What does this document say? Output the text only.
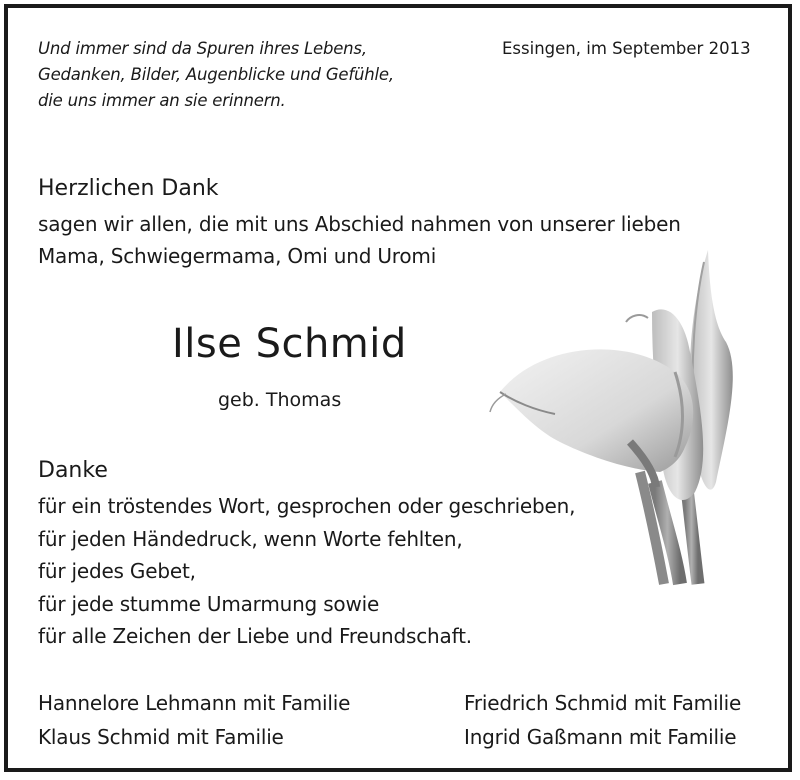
Und immer sind da Spuren ihres Lebens,
Gedanken, Bilder, Augenblicke und Gefühle,
die uns immer an sie erinnern.
Essingen, im September 2013
Herzlichen Dank
sagen wir allen, die mit uns Abschied nahmen von unserer lieben
Mama, Schwiegermama, Omi und Uromi
Ilse Schmid
geb. Thomas
Danke
für ein tröstendes Wort, gesprochen oder geschrieben,
für jeden Händedruck, wenn Worte fehlten,
für jedes Gebet,
für jede stumme Umarmung sowie
für alle Zeichen der Liebe und Freundschaft.
Hannelore Lehmann mit Familie
Klaus Schmid mit Familie
Friedrich Schmid mit Familie
Ingrid Gaßmann mit Familie
